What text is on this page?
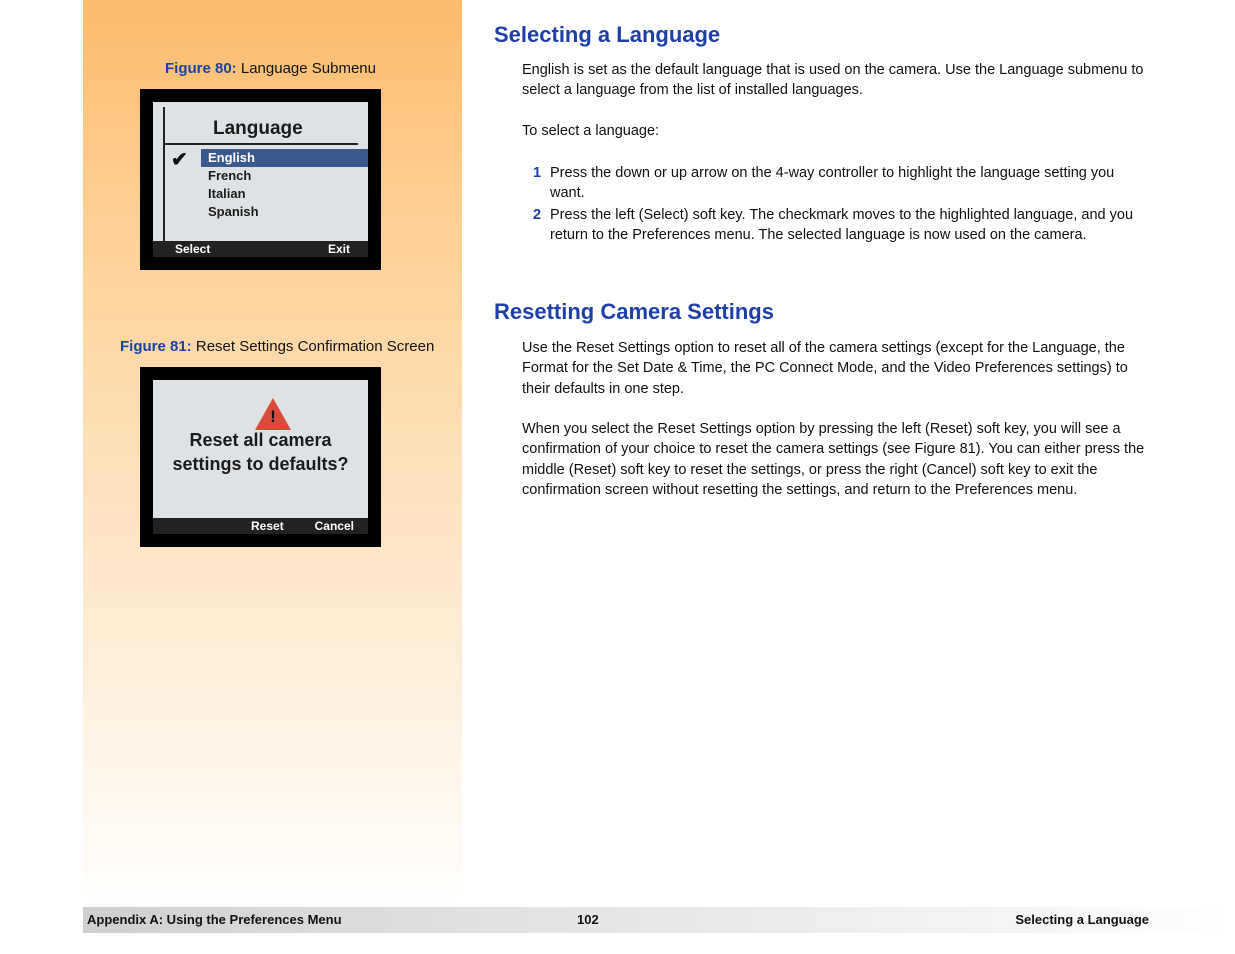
Figure 80: Language Submenu
Language
✔	English
French
Italian
Spanish
Select	Exit
Figure 81: Reset Settings Confirmation Screen
!
Reset all camera
settings to defaults?
Reset	Cancel
Selecting a Language
English is set as the default language that is used on the camera. Use the Language submenu to select a language from the list of installed languages.
To select a language:
1 Press the down or up arrow on the 4-way controller to highlight the language setting you want.
2 Press the left (Select) soft key. The checkmark moves to the highlighted language, and you return to the Preferences menu. The selected language is now used on the camera.
Resetting Camera Settings
Use the Reset Settings option to reset all of the camera settings (except for the Language, the Format for the Set Date & Time, the PC Connect Mode, and the Video Preferences settings) to their defaults in one step.
When you select the Reset Settings option by pressing the left (Reset) soft key, you will see a confirmation of your choice to reset the camera settings (see Figure 81). You can either press the middle (Reset) soft key to reset the settings, or press the right (Cancel) soft key to exit the confirmation screen without resetting the settings, and return to the Preferences menu.
Appendix A: Using the Preferences Menu	102	Selecting a Language
